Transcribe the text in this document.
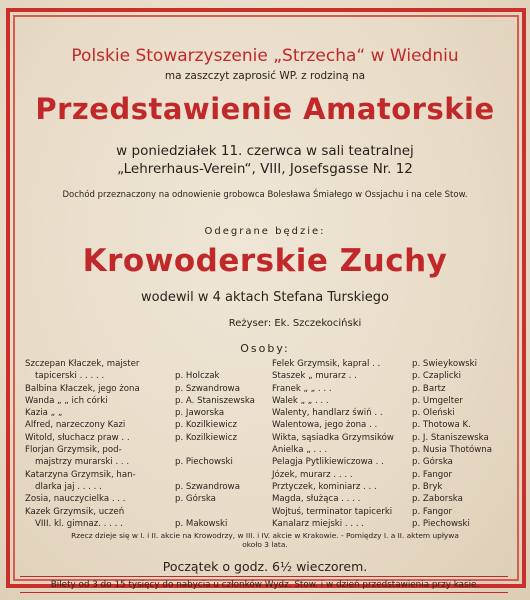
Polskie Stowarzyszenie „Strzecha“ w Wiedniu
ma zaszczyt zaprosić WP. z rodziną na
Przedstawienie Amatorskie
w poniedziałek 11. czerwca w sali teatralnej
„Lehrerhaus-Verein“, VIII, Josefsgasse Nr. 12
Dochód przeznaczony na odnowienie grobowca Bolesława Śmiałego w Ossjachu i na cele Stow.
Odegrane będzie:
Krowoderskie Zuchy
wodewil w 4 aktach Stefana Turskiego
Reżyser: Ek. Szczekociński
Osoby:
Szczepan Kłaczek, majster
tapicerski . . . . .	p. Holczak
Balbina Kłaczek, jego żona	p. Szwandrowa
Wanda „ „ ich córki	p. A. Staniszewska
Kazia „ „	p. Jaworska
Alfred, narzeczony Kazi	p. Kozilkiewicz
Witold, słuchacz praw . .	p. Kozilkiewicz
Florjan Grzymsik, pod-
majstrzy murarski . . .	p. Piechowski
Katarzyna Grzymsik, han-
dlarka jaj . . . . .	p. Szwandrowa
Zosia, nauczycielka . . .	p. Górska
Kazek Grzymsik, uczeń
VIII. kl. gimnaz. . . . .	p. Makowski
Felek Grzymsik, kapral . .	p. Swieykowski
Staszek „ murarz . .	p. Czaplicki
Franek „ „ . . .	p. Bartz
Walek „ „ . . .	p. Umgelter
Walenty, handlarz świń . .	p. Oleński
Walentowa, jego żona . .	p. Thotowa K.
Wikta, sąsiadka Grzymsików p. J. Staniszewska
Anielka „ . . .	p. Nusia Thotówna
Pelagja Pytlikiewiczowa . .	p. Górska
Józek, murarz . . . .	p. Fangor
Prztyczek, kominiarz . . .	p. Bryk
Magda, służąca . . . .	p. Zaborska
Wojtuś, terminator tapicerki p. Fangor
Kanalarz miejski . . . .	p. Piechowski
Rzecz dzieje się w I. i II. akcie na Krowodrzy, w III. i IV. akcie w Krakowie. - Pomiędzy I. a II. aktem upływa
około 3 lata.
Początek o godz. 6½ wieczorem.
Bilety od 3 do 15 tysięcy do nabycia u członków Wydz. Stow. i w dzień przedstawienia przy kasie.
